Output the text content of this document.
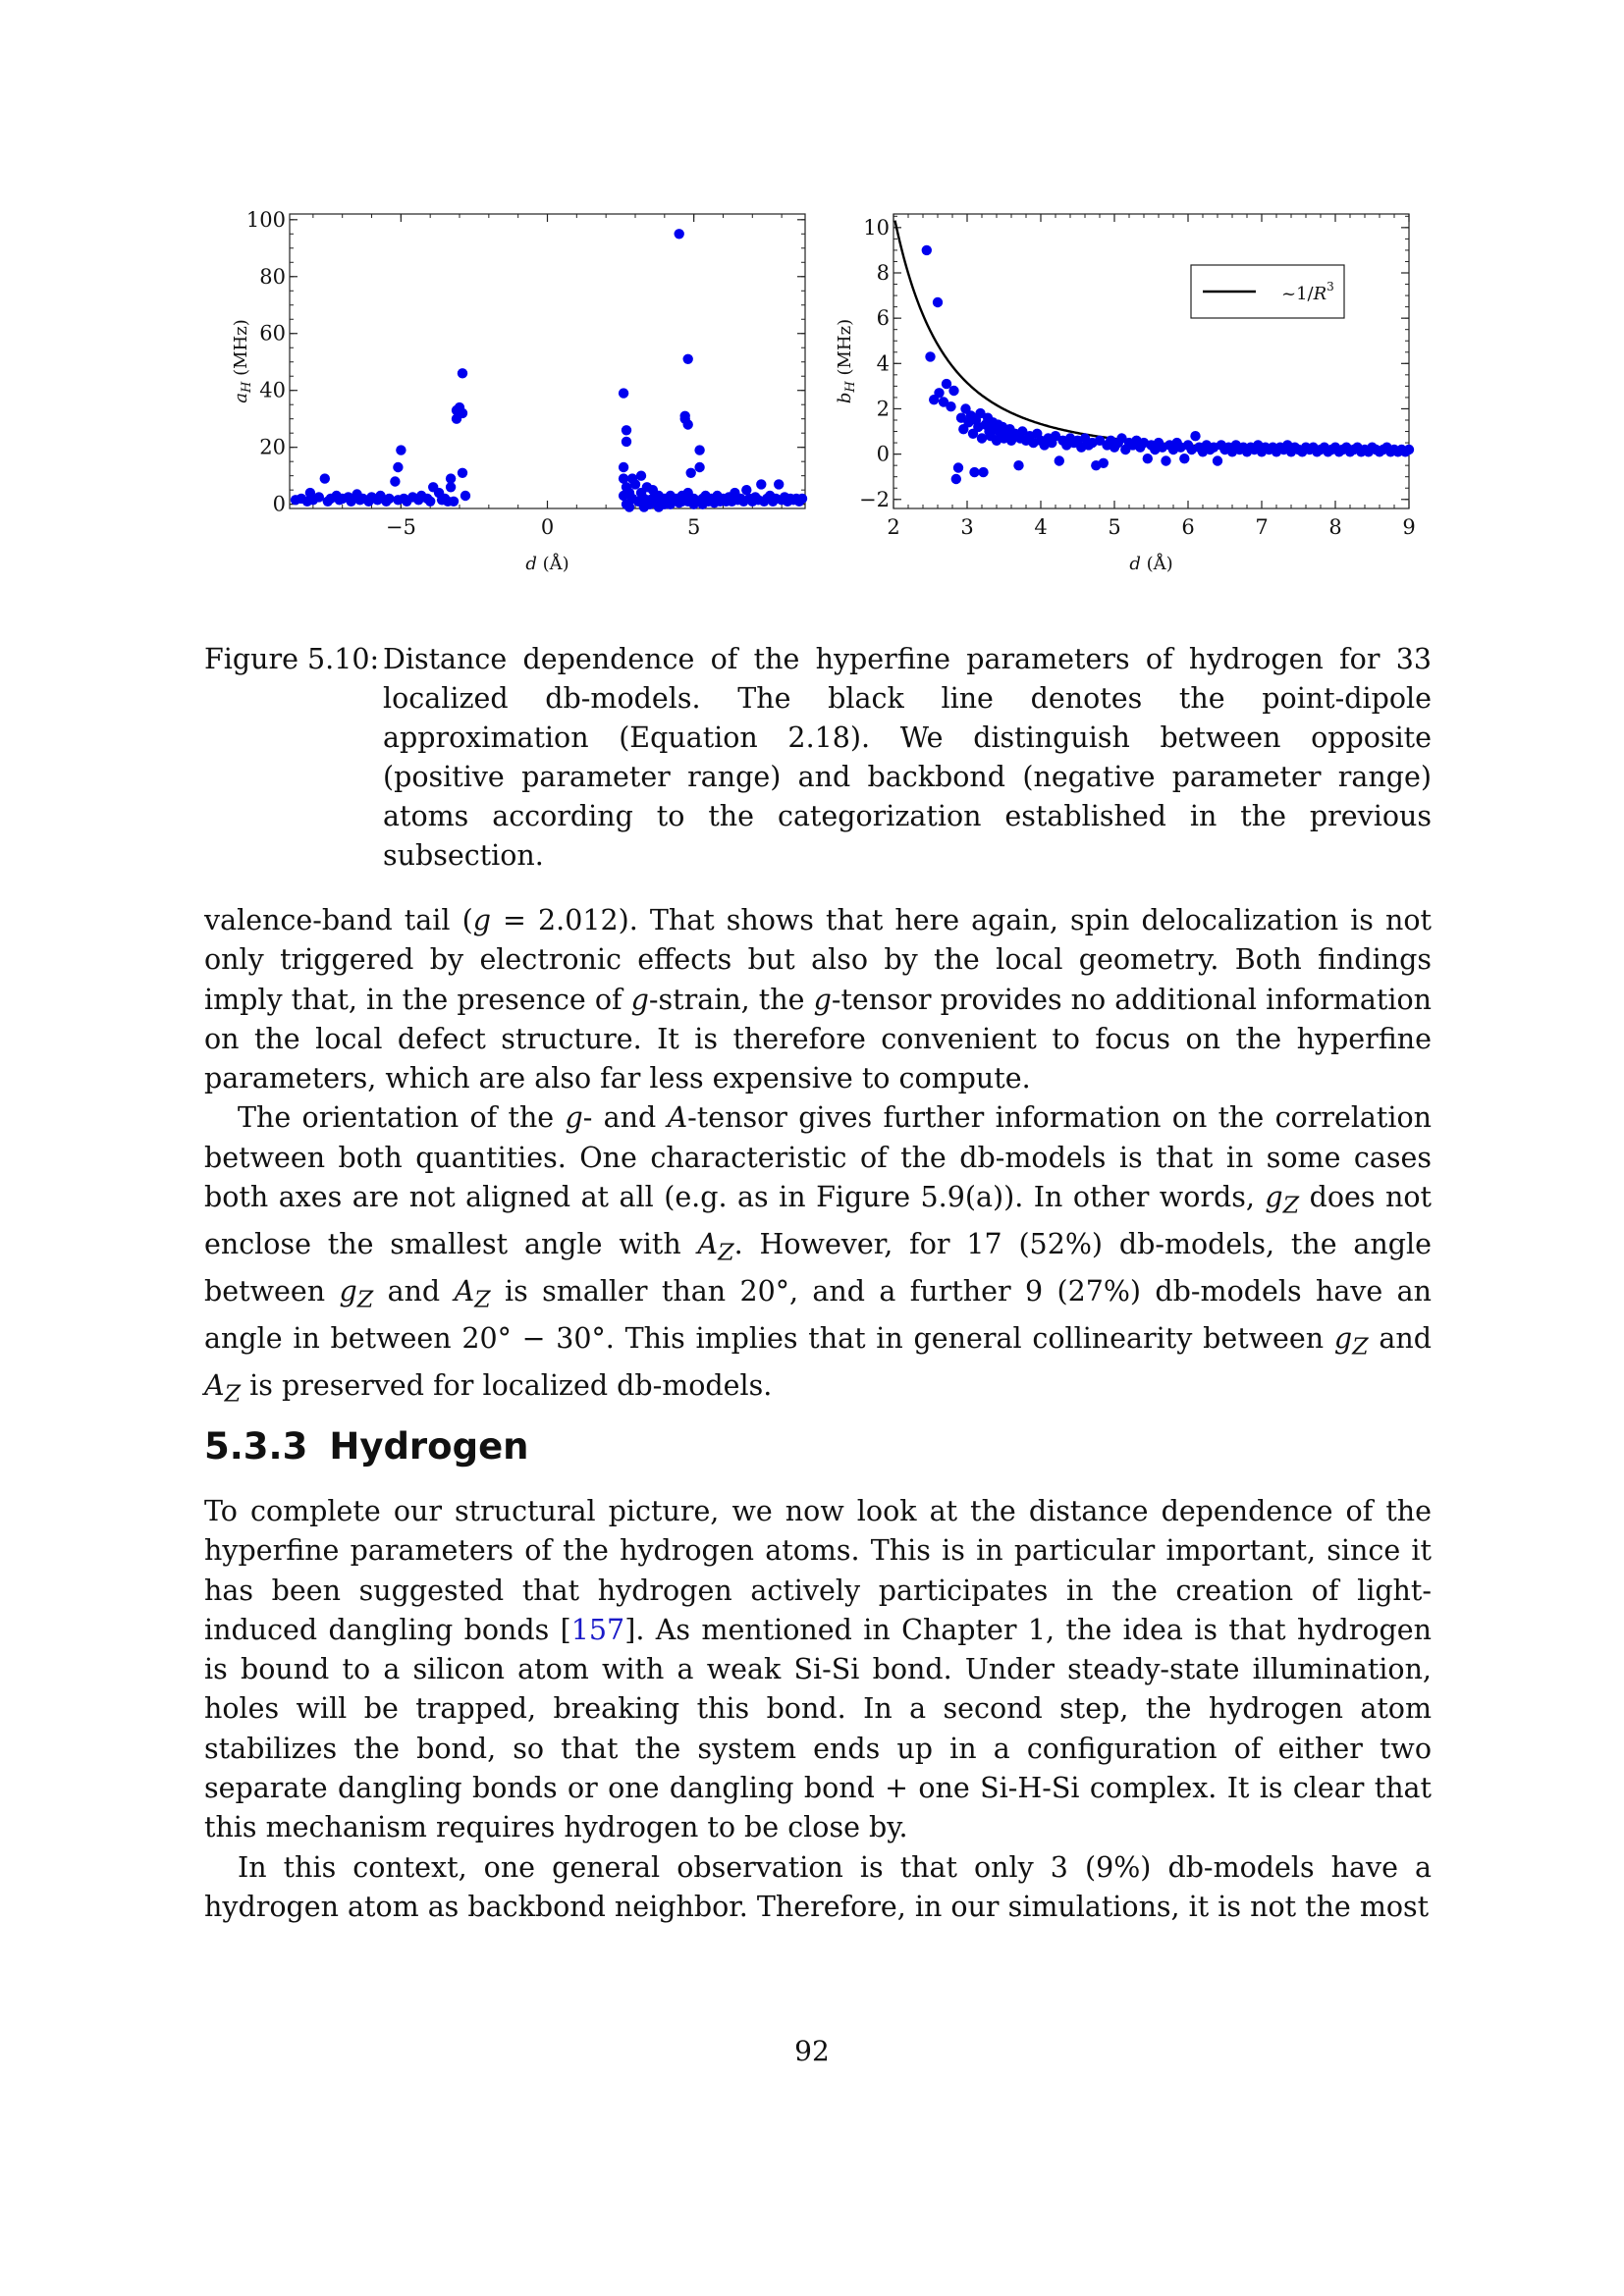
−5	0	5
0
20
40
60
80
100
d (Å)
$a_H$ (MHz)
2	3	4	5	6	7	8	9
−2
0
2
4
6
8
10
d (Å)
$b_H$ (MHz)
$\sim 1/R^3$
Figure 5.10: Distance dependence of the hyperfine parameters of hydrogen for 33 localized db-models. The black line denotes the point-dipole approximation (Equation 2.18). We distinguish between opposite (positive parameter range) and backbond (negative parameter range) atoms according to the categorization established in the previous subsection.

valence-band tail (g = 2.012). That shows that here again, spin delocalization is not only triggered by electronic effects but also by the local geometry. Both findings imply that, in the presence of g-strain, the g-tensor provides no additional information on the local defect structure. It is therefore convenient to focus on the hyperfine parameters, which are also far less expensive to compute.

The orientation of the g- and A-tensor gives further information on the correlation between both quantities. One characteristic of the db-models is that in some cases both axes are not aligned at all (e.g. as in Figure 5.9(a)). In other words, $g_Z$ does not enclose the smallest angle with $A_Z$. However, for 17 (52%) db-models, the angle between $g_Z$ and $A_Z$ is smaller than 20°, and a further 9 (27%) db-models have an angle in between 20° − 30°. This implies that in general collinearity between $g_Z$ and $A_Z$ is preserved for localized db-models.

5.3.3 Hydrogen

To complete our structural picture, we now look at the distance dependence of the hyperfine parameters of the hydrogen atoms. This is in particular important, since it has been suggested that hydrogen actively participates in the creation of light-induced dangling bonds [157]. As mentioned in Chapter 1, the idea is that hydrogen is bound to a silicon atom with a weak Si-Si bond. Under steady-state illumination, holes will be trapped, breaking this bond. In a second step, the hydrogen atom stabilizes the bond, so that the system ends up in a configuration of either two separate dangling bonds or one dangling bond + one Si-H-Si complex. It is clear that this mechanism requires hydrogen to be close by.

In this context, one general observation is that only 3 (9%) db-models have a hydrogen atom as backbond neighbor. Therefore, in our simulations, it is not the most

92
